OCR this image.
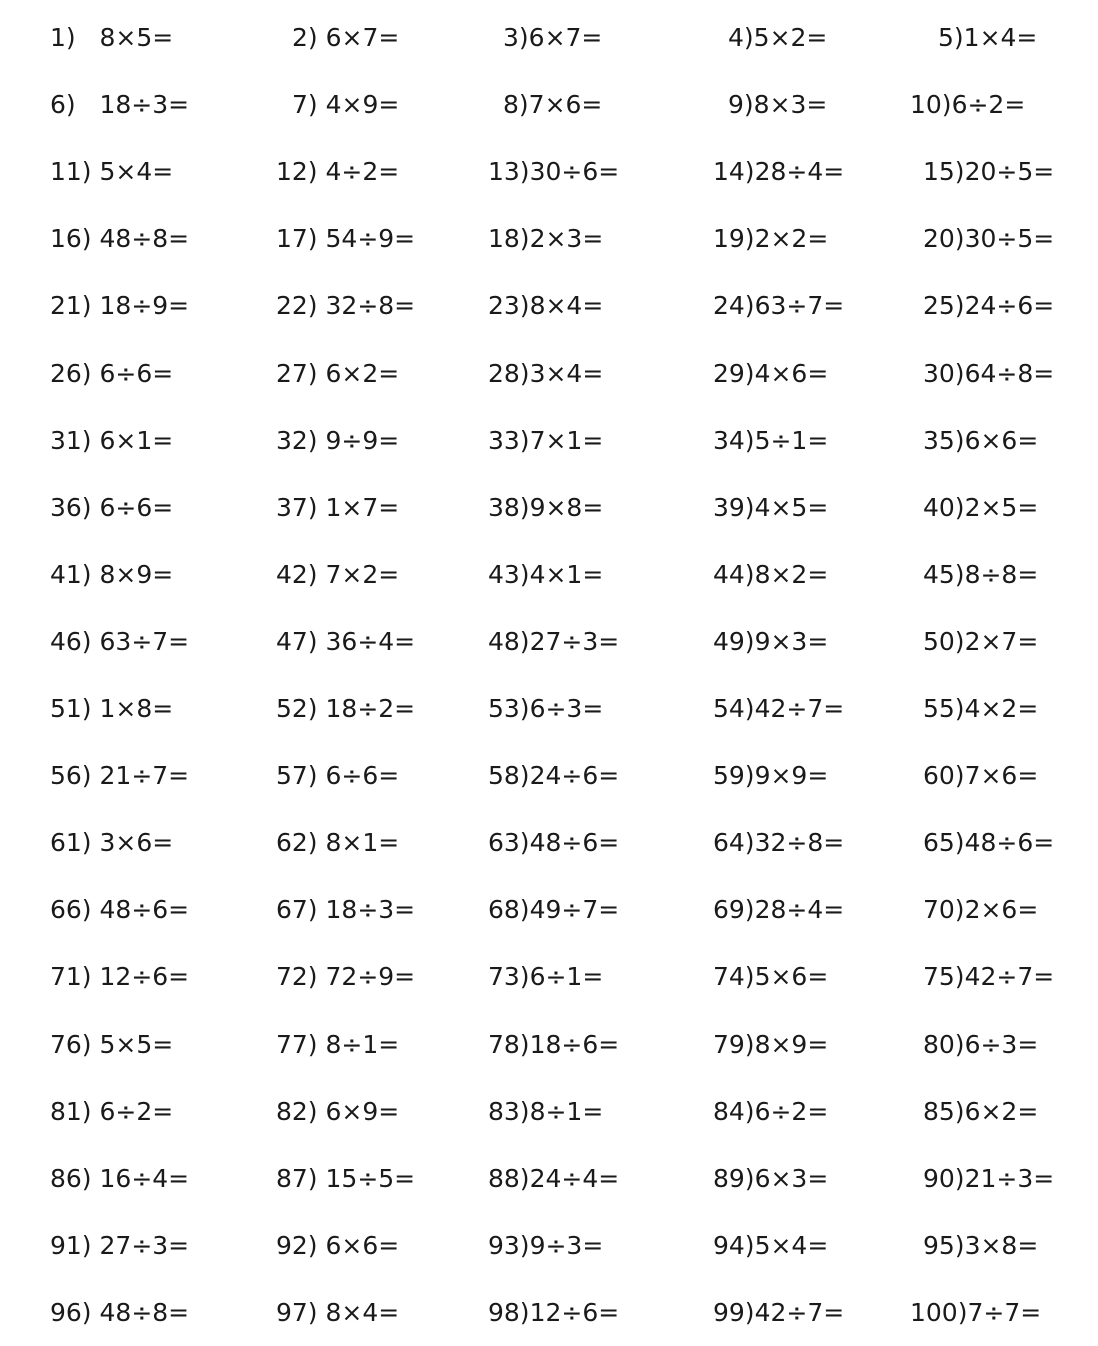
1)   8×5=	2) 6×7=	3)6×7=	4)5×2=	5)1×4=
6)   18÷3=	7) 4×9=	8)7×6=	9)8×3=	10)6÷2=
11) 5×4=	12) 4÷2=	13)30÷6=	14)28÷4=	15)20÷5=
16) 48÷8=	17) 54÷9=	18)2×3=	19)2×2=	20)30÷5=
21) 18÷9=	22) 32÷8=	23)8×4=	24)63÷7=	25)24÷6=
26) 6÷6=	27) 6×2=	28)3×4=	29)4×6=	30)64÷8=
31) 6×1=	32) 9÷9=	33)7×1=	34)5÷1=	35)6×6=
36) 6÷6=	37) 1×7=	38)9×8=	39)4×5=	40)2×5=
41) 8×9=	42) 7×2=	43)4×1=	44)8×2=	45)8÷8=
46) 63÷7=	47) 36÷4=	48)27÷3=	49)9×3=	50)2×7=
51) 1×8=	52) 18÷2=	53)6÷3=	54)42÷7=	55)4×2=
56) 21÷7=	57) 6÷6=	58)24÷6=	59)9×9=	60)7×6=
61) 3×6=	62) 8×1=	63)48÷6=	64)32÷8=	65)48÷6=
66) 48÷6=	67) 18÷3=	68)49÷7=	69)28÷4=	70)2×6=
71) 12÷6=	72) 72÷9=	73)6÷1=	74)5×6=	75)42÷7=
76) 5×5=	77) 8÷1=	78)18÷6=	79)8×9=	80)6÷3=
81) 6÷2=	82) 6×9=	83)8÷1=	84)6÷2=	85)6×2=
86) 16÷4=	87) 15÷5=	88)24÷4=	89)6×3=	90)21÷3=
91) 27÷3=	92) 6×6=	93)9÷3=	94)5×4=	95)3×8=
96) 48÷8=	97) 8×4=	98)12÷6=	99)42÷7=	100)7÷7=
